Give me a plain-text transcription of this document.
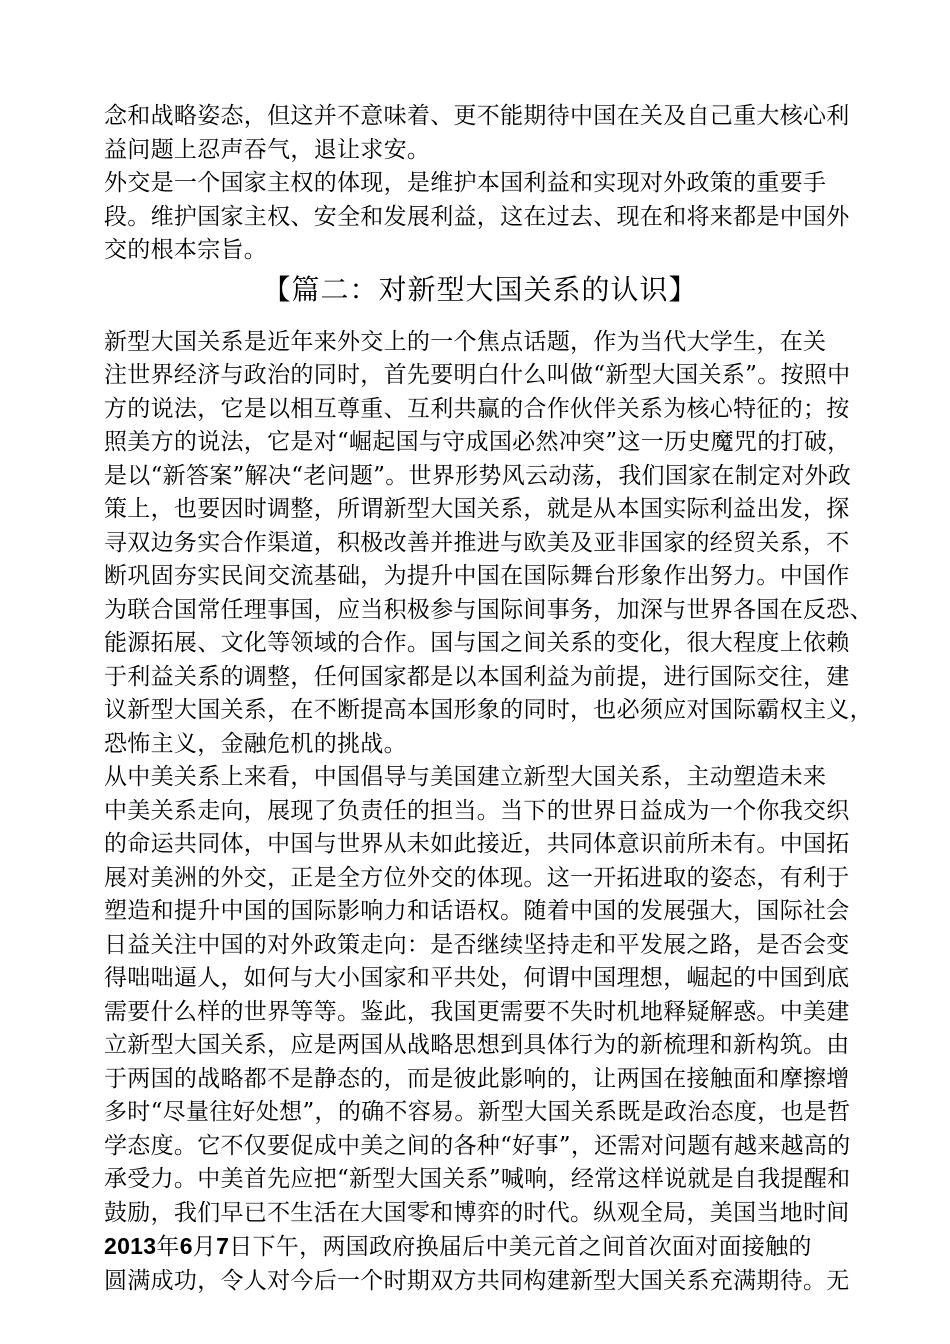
念和战略姿态，但这并不意味着、更不能期待中国在关及自己重大核心利
益问题上忍声吞气，退让求安。
外交是一个国家主权的体现，是维护本国利益和实现对外政策的重要手
段。维护国家主权、安全和发展利益，这在过去、现在和将来都是中国外
交的根本宗旨。
【篇二：对新型大国关系的认识】
新型大国关系是近年来外交上的一个焦点话题，作为当代大学生，在关
注世界经济与政治的同时，首先要明白什么叫做“新型大国关系”。按照中
方的说法，它是以相互尊重、互利共赢的合作伙伴关系为核心特征的；按
照美方的说法，它是对“崛起国与守成国必然冲突”这一历史魔咒的打破，
是以“新答案”解决“老问题”。世界形势风云动荡，我们国家在制定对外政
策上，也要因时调整，所谓新型大国关系，就是从本国实际利益出发，探
寻双边务实合作渠道，积极改善并推进与欧美及亚非国家的经贸关系，不
断巩固夯实民间交流基础，为提升中国在国际舞台形象作出努力。中国作
为联合国常任理事国，应当积极参与国际间事务，加深与世界各国在反恐、
能源拓展、文化等领域的合作。国与国之间关系的变化，很大程度上依赖
于利益关系的调整，任何国家都是以本国利益为前提，进行国际交往，建
议新型大国关系，在不断提高本国形象的同时，也必须应对国际霸权主义，
恐怖主义，金融危机的挑战。
从中美关系上来看，中国倡导与美国建立新型大国关系，主动塑造未来
中美关系走向，展现了负责任的担当。当下的世界日益成为一个你我交织
的命运共同体，中国与世界从未如此接近，共同体意识前所未有。中国拓
展对美洲的外交，正是全方位外交的体现。这一开拓进取的姿态，有利于
塑造和提升中国的国际影响力和话语权。随着中国的发展强大，国际社会
日益关注中国的对外政策走向：是否继续坚持走和平发展之路，是否会变
得咄咄逼人，如何与大小国家和平共处，何谓中国理想，崛起的中国到底
需要什么样的世界等等。鉴此，我国更需要不失时机地释疑解惑。中美建
立新型大国关系，应是两国从战略思想到具体行为的新梳理和新构筑。由
于两国的战略都不是静态的，而是彼此影响的，让两国在接触面和摩擦增
多时“尽量往好处想”，的确不容易。新型大国关系既是政治态度，也是哲
学态度。它不仅要促成中美之间的各种“好事”，还需对问题有越来越高的
承受力。中美首先应把“新型大国关系”喊响，经常这样说就是自我提醒和
鼓励，我们早已不生活在大国零和博弈的时代。纵观全局，美国当地时间
2013年6月7日下午，两国政府换届后中美元首之间首次面对面接触的
圆满成功，令人对今后一个时期双方共同构建新型大国关系充满期待。无
